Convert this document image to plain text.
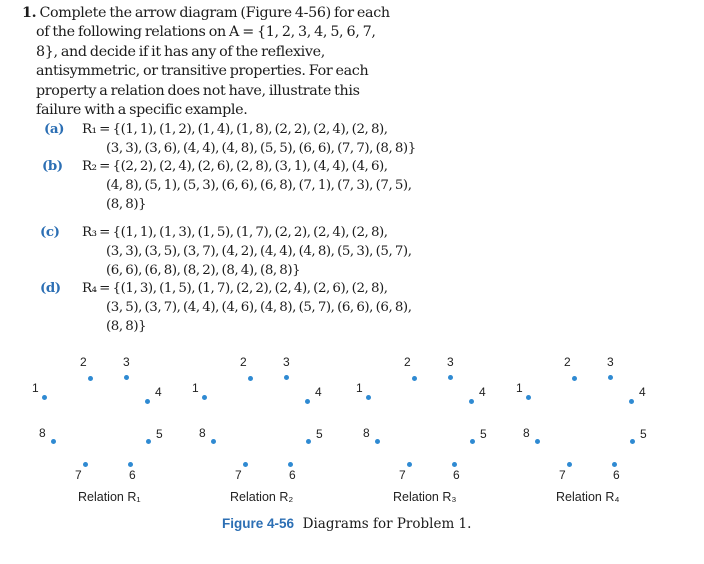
1. Complete the arrow diagram (Figure 4-56) for each of the following relations on A = {1, 2, 3, 4, 5, 6, 7, 8}, and decide if it has any of the reflexive, antisymmetric, or transitive properties. For each property a relation does not have, illustrate this failure with a specific example.

(a) R₁ = {(1, 1), (1, 2), (1, 4), (1, 8), (2, 2), (2, 4), (2, 8),
(3, 3), (3, 6), (4, 4), (4, 8), (5, 5), (6, 6), (7, 7), (8, 8)}
(b) R₂ = {(2, 2), (2, 4), (2, 6), (2, 8), (3, 1), (4, 4), (4, 6),
(4, 8), (5, 1), (5, 3), (6, 6), (6, 8), (7, 1), (7, 3), (7, 5),
(8, 8)}
(c) R₃ = {(1, 1), (1, 3), (1, 5), (1, 7), (2, 2), (2, 4), (2, 8),
(3, 3), (3, 5), (3, 7), (4, 2), (4, 4), (4, 8), (5, 3), (5, 7),
(6, 6), (6, 8), (8, 2), (8, 4), (8, 8)}
(d) R₄ = {(1, 3), (1, 5), (1, 7), (2, 2), (2, 4), (2, 6), (2, 8),
(3, 5), (3, 7), (4, 4), (4, 6), (4, 8), (5, 7), (6, 6), (6, 8),
(8, 8)}
1
2	3
4
5
6
7
8
Relation R₁
1
2	3
4
5
6
7
8
Relation R₂
1
2	3
4
5
6
7
8
Relation R₃
1
2	3
4
5
6
7
8
Relation R₄
Figure 4-56 Diagrams for Problem 1.
